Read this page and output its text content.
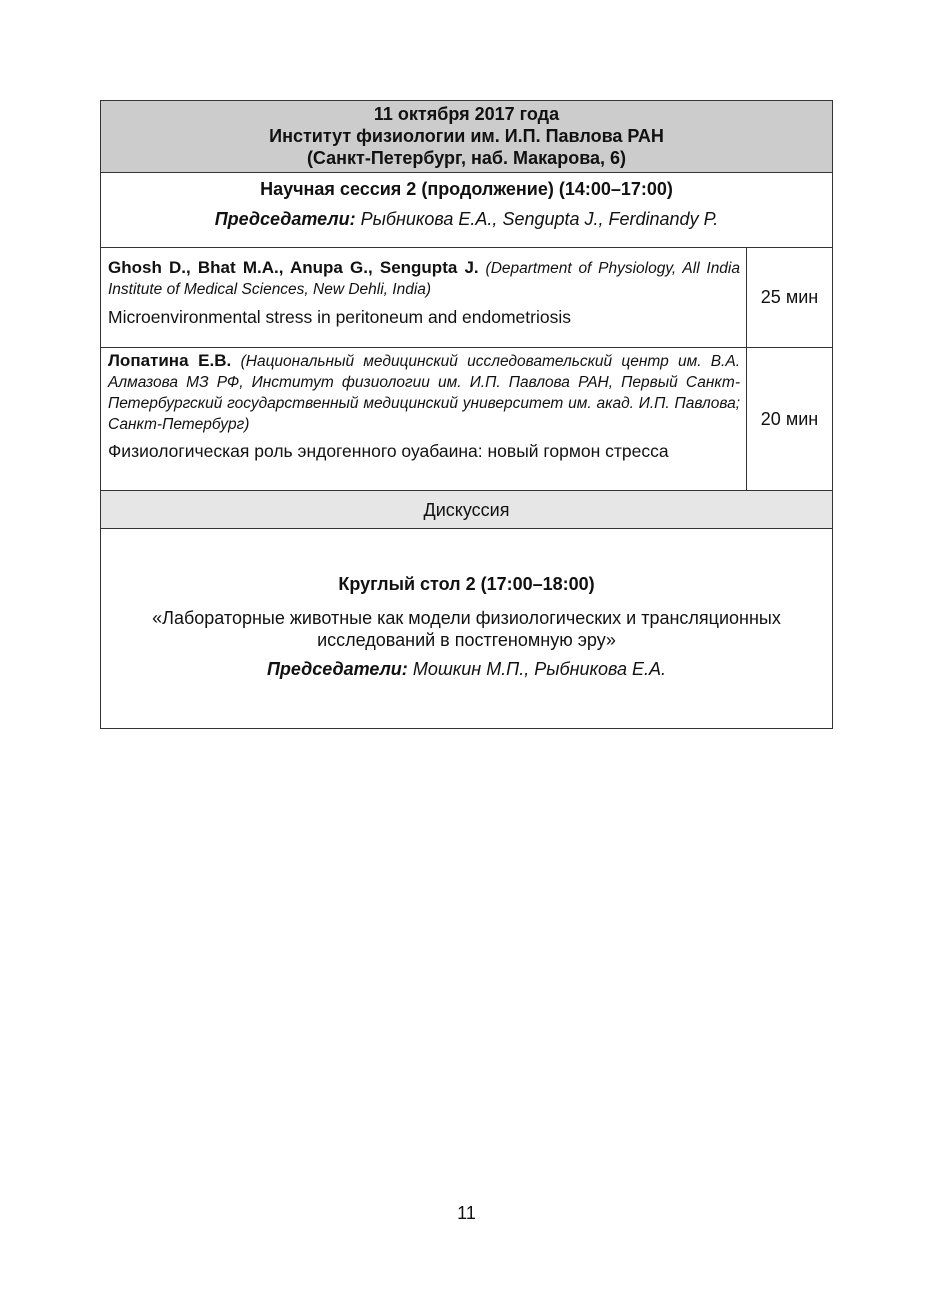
11 октября 2017 года
Институт физиологии им. И.П. Павлова РАН
(Санкт-Петербург, наб. Макарова, 6)
Научная сессия 2 (продолжение) (14:00–17:00)
Председатели: Рыбникова Е.А., Sengupta J., Ferdinandy P.
Ghosh D., Bhat M.A., Anupa G., Sengupta J. (Department of Physiology, All India Institute of Medical Sciences, New Dehli, India)
Microenvironmental stress in peritoneum and endometriosis
25 мин
Лопатина Е.В. (Национальный медицинский исследовательский центр им. В.А. Алмазова МЗ РФ, Институт физиологии им. И.П. Павлова РАН, Первый Санкт-Петербургский государственный медицинский университет им. акад. И.П. Павлова; Санкт-Петербург)
Физиологическая роль эндогенного оуабаина: новый гормон стресса
20 мин
Дискуссия
Круглый стол 2 (17:00–18:00)
«Лабораторные животные как модели физиологических и трансляционных исследований в постгеномную эру»
Председатели: Мошкин М.П., Рыбникова Е.А.
11
